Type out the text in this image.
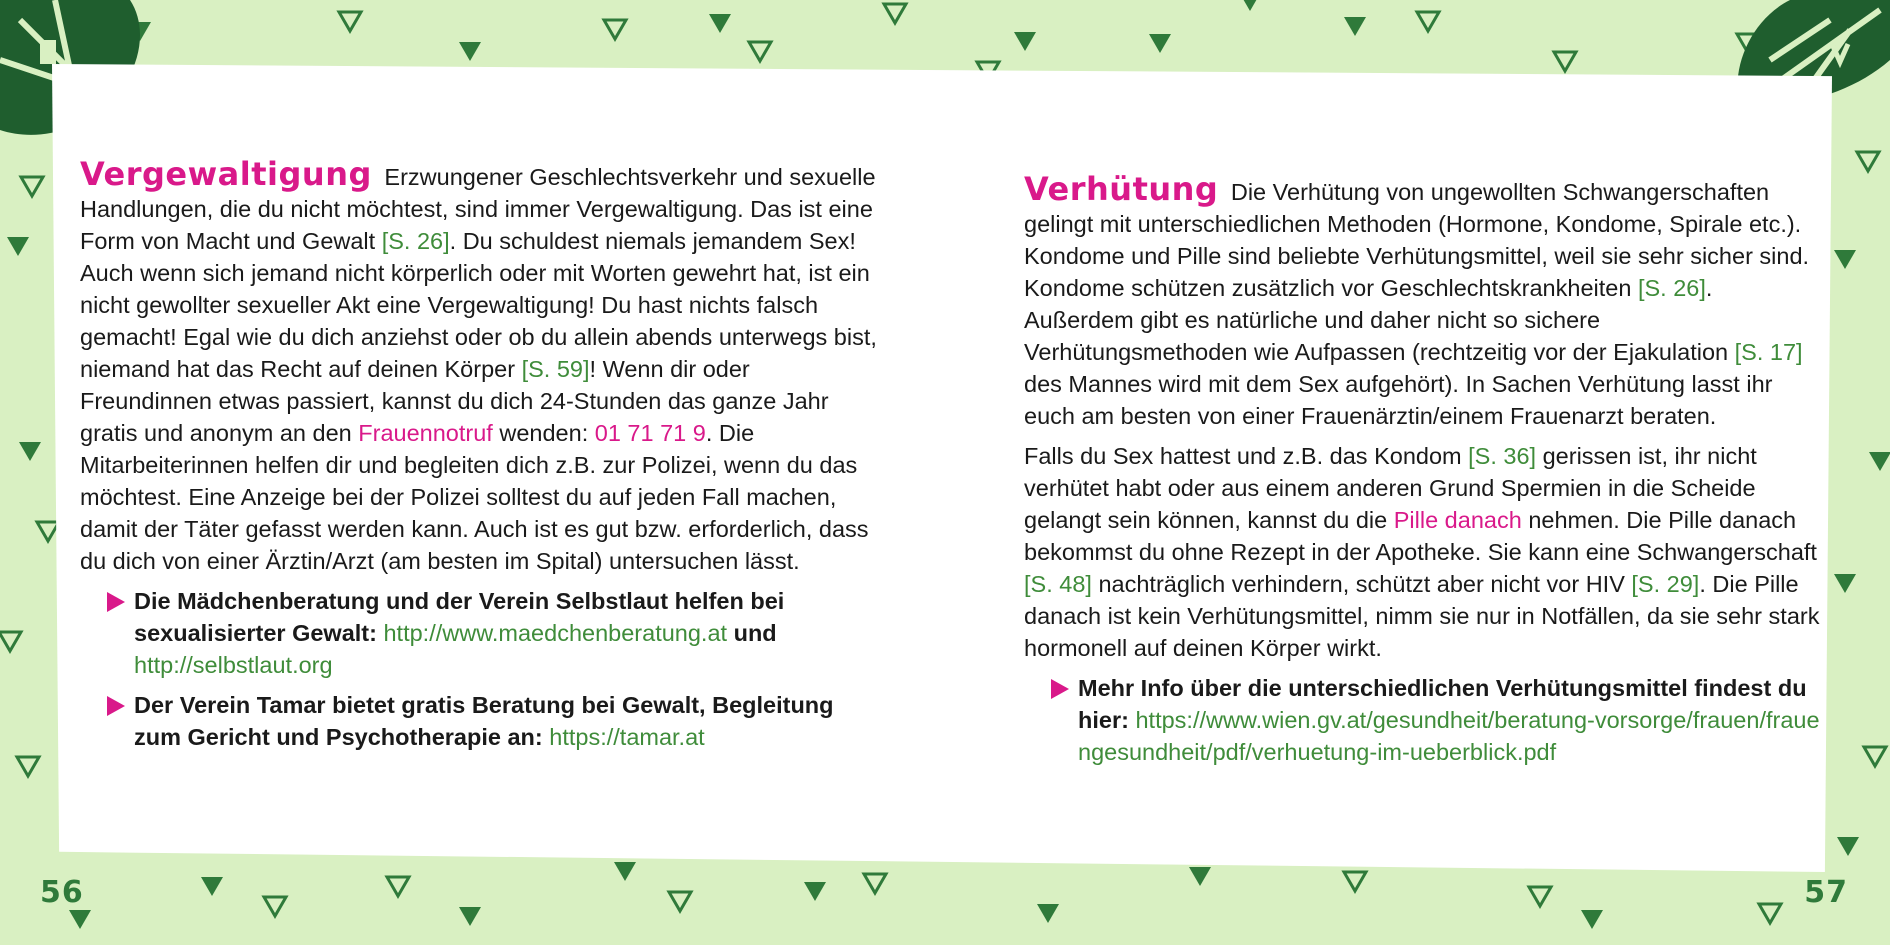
Vergewaltigung Erzwungener Geschlechtsverkehr und sexuelle Handlungen, die du nicht möchtest, sind immer Vergewaltigung. Das ist eine Form von Macht und Gewalt [S. 26]. Du schuldest niemals jemandem Sex! Auch wenn sich jemand nicht körperlich oder mit Worten gewehrt hat, ist ein nicht gewollter sexueller Akt eine Vergewaltigung! Du hast nichts falsch gemacht! Egal wie du dich anziehst oder ob du allein abends unterwegs bist, niemand hat das Recht auf deinen Körper [S. 59]! Wenn dir oder Freundinnen etwas passiert, kannst du dich 24-Stunden das ganze Jahr gratis und anonym an den Frauennotruf wenden: 01 71 71 9. Die Mitarbeiterinnen helfen dir und begleiten dich z.B. zur Polizei, wenn du das möchtest. Eine Anzeige bei der Polizei solltest du auf jeden Fall machen, damit der Täter gefasst werden kann. Auch ist es gut bzw. erforderlich, dass du dich von einer Ärztin/Arzt (am besten im Spital) untersuchen lässt.

Die Mädchenberatung und der Verein Selbstlaut helfen bei sexualisierter Gewalt: http://www.maedchenberatung.at und http://selbstlaut.org
Der Verein Tamar bietet gratis Beratung bei Gewalt, Begleitung zum Gericht und Psychotherapie an: https://tamar.at

Verhütung Die Verhütung von ungewollten Schwangerschaften gelingt mit unterschiedlichen Methoden (Hormone, Kondome, Spirale etc.). Kondome und Pille sind beliebte Verhütungsmittel, weil sie sehr sicher sind. Kondome schützen zusätzlich vor Geschlechtskrankheiten [S. 26]. Außerdem gibt es natürliche und daher nicht so sichere Verhütungsmethoden wie Aufpassen (rechtzeitig vor der Ejakulation [S. 17] des Mannes wird mit dem Sex aufgehört). In Sachen Verhütung lasst ihr euch am besten von einer Frauenärztin/einem Frauenarzt beraten.

Falls du Sex hattest und z.B. das Kondom [S. 36] gerissen ist, ihr nicht verhütet habt oder aus einem anderen Grund Spermien in die Scheide gelangt sein können, kannst du die Pille danach nehmen. Die Pille danach bekommst du ohne Rezept in der Apotheke. Sie kann eine Schwangerschaft [S. 48] nachträglich verhindern, schützt aber nicht vor HIV [S. 29]. Die Pille danach ist kein Verhütungsmittel, nimm sie nur in Notfällen, da sie sehr stark hormonell auf deinen Körper wirkt.

Mehr Info über die unterschiedlichen Verhütungsmittel findest du hier: https://www.wien.gv.at/gesundheit/beratung-vorsorge/frauen/frauengesundheit/pdf/verhuetung-im-ueberblick.pdf
56	57
